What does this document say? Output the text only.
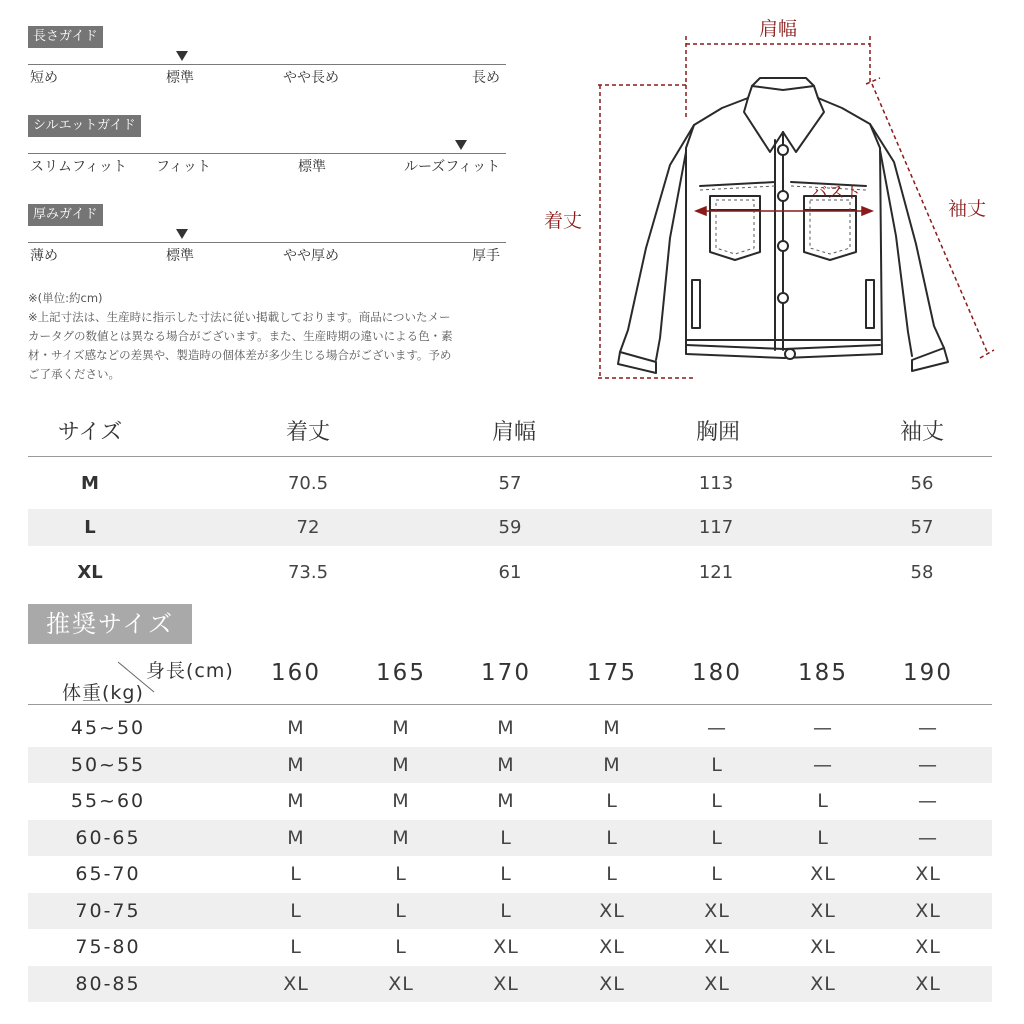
長さガイド
短め	標準	やや長め	長め
シルエットガイド
スリムフィット フィット	標準	ルーズフィット
厚みガイド
薄め	標準	やや厚め	厚手
※(単位:約cm)
※上記寸法は、生産時に指示した寸法に従い掲載しております。商品についたメー
カータグの数値とは異なる場合がございます。また、生産時期の違いによる色・素
材・サイズ感などの差異や、製造時の個体差が多少生じる場合がございます。予め
ご了承ください。
肩幅
着丈
バスト
袖丈
サイズ	着丈	肩幅	胸囲	袖丈
M	70.5	57	113	56
L	72	59	117	57
XL	73.5	61	121	58
推奨サイズ
身長(cm)
体重(kg)
160 165 170 175 180 185 190
45~50	M	M	M	M	—	—	—
50~55	M	M	M	M	L	—	—
55~60	M	M	M	L	L	L	—
60-65	M	M	L	L	L	L	—
65-70	L	L	L	L	L	XL	XL
70-75	L	L	L	XL	XL	XL	XL
75-80	L	L	XL	XL	XL	XL	XL
80-85	XL	XL	XL	XL	XL	XL	XL
